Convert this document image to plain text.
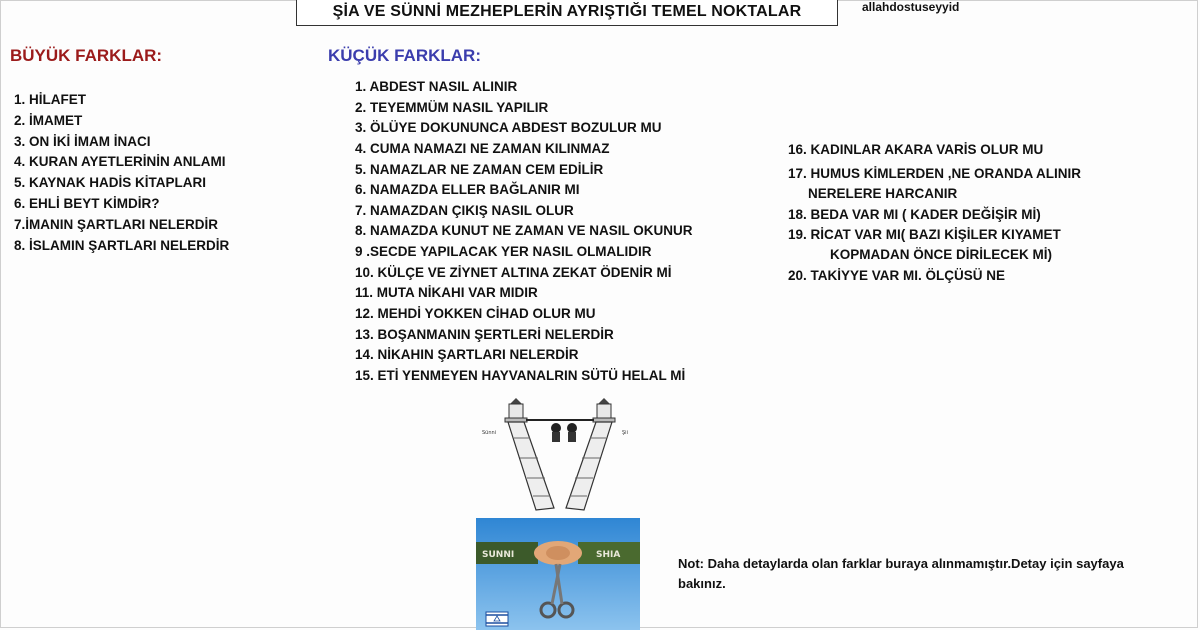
ŞİA VE SÜNNİ MEZHEPLERİN AYRIŞTIĞI TEMEL NOKTALAR	allahdostuseyyid
BÜYÜK FARKLAR:
1. HİLAFET
2. İMAMET
3. ON İKİ İMAM İNACI
4. KURAN AYETLERİNİN ANLAMI
5. KAYNAK HADİS KİTAPLARI
6. EHLİ BEYT KİMDİR?
7.İMANIN ŞARTLARI NELERDİR
8. İSLAMIN ŞARTLARI NELERDİR
KÜÇÜK FARKLAR:
1. ABDEST NASIL ALINIR
2. TEYEMMÜM NASIL YAPILIR
3. ÖLÜYE DOKUNUNCA ABDEST BOZULUR MU
4. CUMA NAMAZI NE ZAMAN KILINMAZ
5. NAMAZLAR NE ZAMAN CEM EDİLİR
6. NAMAZDA ELLER BAĞLANIR MI
7. NAMAZDAN ÇIKIŞ NASIL OLUR
8. NAMAZDA KUNUT NE ZAMAN VE NASIL OKUNUR
9 .SECDE YAPILACAK YER NASIL OLMALIDIR
10. KÜLÇE VE ZİYNET ALTINA ZEKAT ÖDENİR Mİ
11. MUTA NİKAHI VAR MIDIR
12. MEHDİ YOKKEN CİHAD OLUR MU
13. BOŞANMANIN ŞERTLERİ NELERDİR
14. NİKAHIN ŞARTLARI NELERDİR
15. ETİ YENMEYEN HAYVANALRIN SÜTÜ HELAL Mİ
16. KADINLAR AKARA VARİS OLUR MU
17. HUMUS KİMLERDEN ,NE ORANDA ALINIR
NERELERE HARCANIR
18. BEDA VAR MI ( KADER DEĞİŞİR Mİ)
19. RİCAT VAR MI( BAZI KİŞİLER KIYAMET
KOPMADAN ÖNCE DİRİLECEK Mİ)
20. TAKİYYE VAR MI. ÖLÇÜSÜ NE
Sünni	Şii
SUNNI	SHIA
Not: Daha detaylarda olan farklar buraya alınmamıştır.Detay için sayfaya bakınız.
